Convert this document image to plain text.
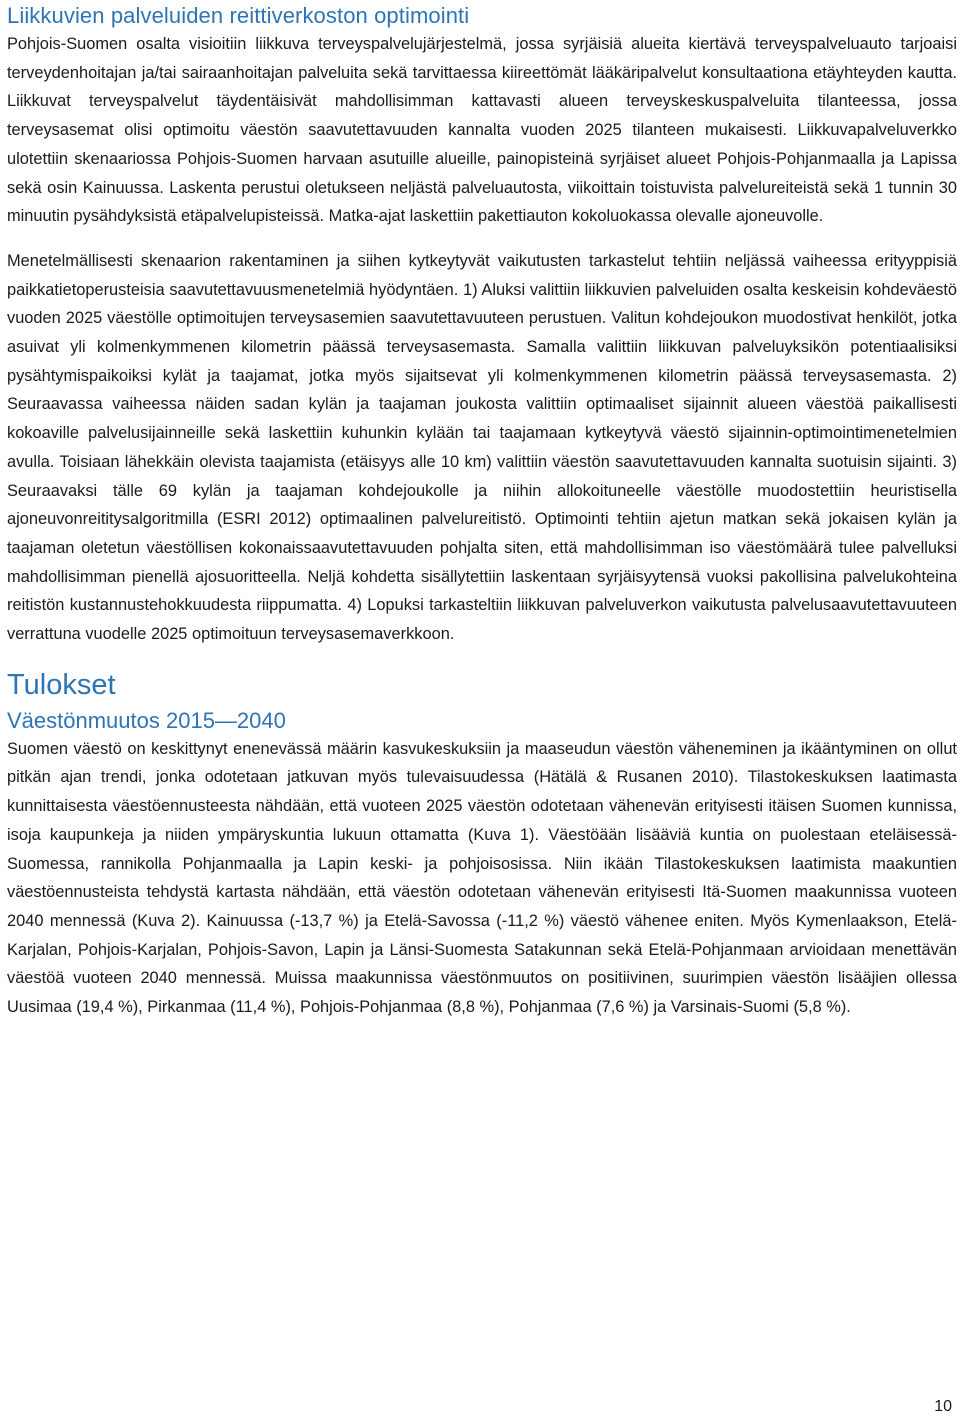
Liikkuvien palveluiden reittiverkoston optimointi

Pohjois-Suomen osalta visioitiin liikkuva terveyspalvelujärjestelmä, jossa syrjäisiä alueita kiertävä terveyspalveluauto tarjoaisi terveydenhoitajan ja/tai sairaanhoitajan palveluita sekä tarvittaessa kiireettömät lääkäripalvelut konsultaationa etäyhteyden kautta. Liikkuvat terveyspalvelut täydentäisivät mahdollisimman kattavasti alueen terveyskeskuspalveluita tilanteessa, jossa terveysasemat olisi optimoitu väestön saavutettavuuden kannalta vuoden 2025 tilanteen mukaisesti. Liikkuvapalveluverkko ulotettiin skenaariossa Pohjois-Suomen harvaan asutuille alueille, painopisteinä syrjäiset alueet Pohjois-Pohjanmaalla ja Lapissa sekä osin Kainuussa. Laskenta perustui oletukseen neljästä palveluautosta, viikoittain toistuvista palvelureiteistä sekä 1 tunnin 30 minuutin pysähdyksistä etäpalvelupisteissä. Matka-ajat laskettiin pakettiauton kokoluokassa olevalle ajoneuvolle.

Menetelmällisesti skenaarion rakentaminen ja siihen kytkeytyvät vaikutusten tarkastelut tehtiin neljässä vaiheessa erityyppisiä paikkatietoperusteisia saavutettavuusmenetelmiä hyödyntäen. 1) Aluksi valittiin liikkuvien palveluiden osalta keskeisin kohdeväestö vuoden 2025 väestölle optimoitujen terveysasemien saavutettavuuteen perustuen. Valitun kohdejoukon muodostivat henkilöt, jotka asuivat yli kolmenkymmenen kilometrin päässä terveysasemasta. Samalla valittiin liikkuvan palveluyksikön potentiaalisiksi pysähtymispaikoiksi kylät ja taajamat, jotka myös sijaitsevat yli kolmenkymmenen kilometrin päässä terveysasemasta. 2) Seuraavassa vaiheessa näiden sadan kylän ja taajaman joukosta valittiin optimaaliset sijainnit alueen väestöä paikallisesti kokoaville palvelusijainneille sekä laskettiin kuhunkin kylään tai taajamaan kytkeytyvä väestö sijainnin-optimointimenetelmien avulla. Toisiaan lähekkäin olevista taajamista (etäisyys alle 10 km) valittiin väestön saavutettavuuden kannalta suotuisin sijainti. 3) Seuraavaksi tälle 69 kylän ja taajaman kohdejoukolle ja niihin allokoituneelle väestölle muodostettiin heuristisella ajoneuvonreititysalgoritmilla (ESRI 2012) optimaalinen palvelureitistö. Optimointi tehtiin ajetun matkan sekä jokaisen kylän ja taajaman oletetun väestöllisen kokonaissaavutettavuuden pohjalta siten, että mahdollisimman iso väestömäärä tulee palvelluksi mahdollisimman pienellä ajosuoritteella. Neljä kohdetta sisällytettiin laskentaan syrjäisyytensä vuoksi pakollisina palvelukohteina reitistön kustannustehokkuudesta riippumatta. 4) Lopuksi tarkasteltiin liikkuvan palveluverkon vaikutusta palvelusaavutettavuuteen verrattuna vuodelle 2025 optimoituun terveysasemaverkkoon.

Tulokset
Väestönmuutos 2015—2040

Suomen väestö on keskittynyt enenevässä määrin kasvukeskuksiin ja maaseudun väestön väheneminen ja ikääntyminen on ollut pitkän ajan trendi, jonka odotetaan jatkuvan myös tulevaisuudessa (Hätälä & Rusanen 2010). Tilastokeskuksen laatimasta kunnittaisesta väestöennusteesta nähdään, että vuoteen 2025 väestön odotetaan vähenevän erityisesti itäisen Suomen kunnissa, isoja kaupunkeja ja niiden ympäryskuntia lukuun ottamatta (Kuva 1). Väestöään lisääviä kuntia on puolestaan eteläisessä-Suomessa, rannikolla Pohjanmaalla ja Lapin keski- ja pohjoisosissa. Niin ikään Tilastokeskuksen laatimista maakuntien väestöennusteista tehdystä kartasta nähdään, että väestön odotetaan vähenevän erityisesti Itä-Suomen maakunnissa vuoteen 2040 mennessä (Kuva 2). Kainuussa (-13,7 %) ja Etelä-Savossa (-11,2 %) väestö vähenee eniten. Myös Kymenlaakson, Etelä-Karjalan, Pohjois-Karjalan, Pohjois-Savon, Lapin ja Länsi-Suomesta Satakunnan sekä Etelä-Pohjanmaan arvioidaan menettävän väestöä vuoteen 2040 mennessä. Muissa maakunnissa väestönmuutos on positiivinen, suurimpien väestön lisääjien ollessa Uusimaa (19,4 %), Pirkanmaa (11,4 %), Pohjois-Pohjanmaa (8,8 %), Pohjanmaa (7,6 %) ja Varsinais-Suomi (5,8 %).

10
